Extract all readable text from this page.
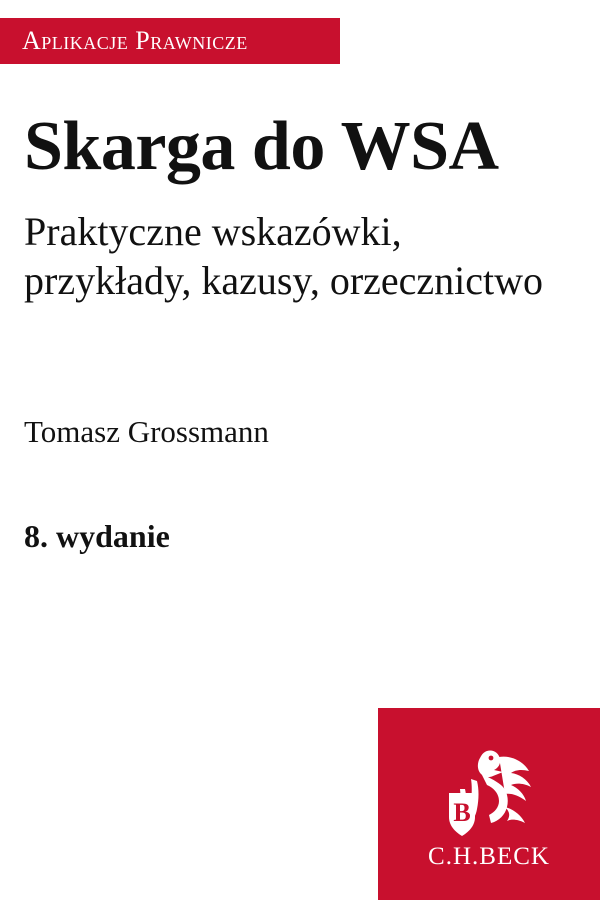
Aplikacje Prawnicze
Skarga do WSA
Praktyczne wskazówki,
przykłady, kazusy, orzecznictwo
Tomasz Grossmann
8. wydanie
B
C.H.BECK
